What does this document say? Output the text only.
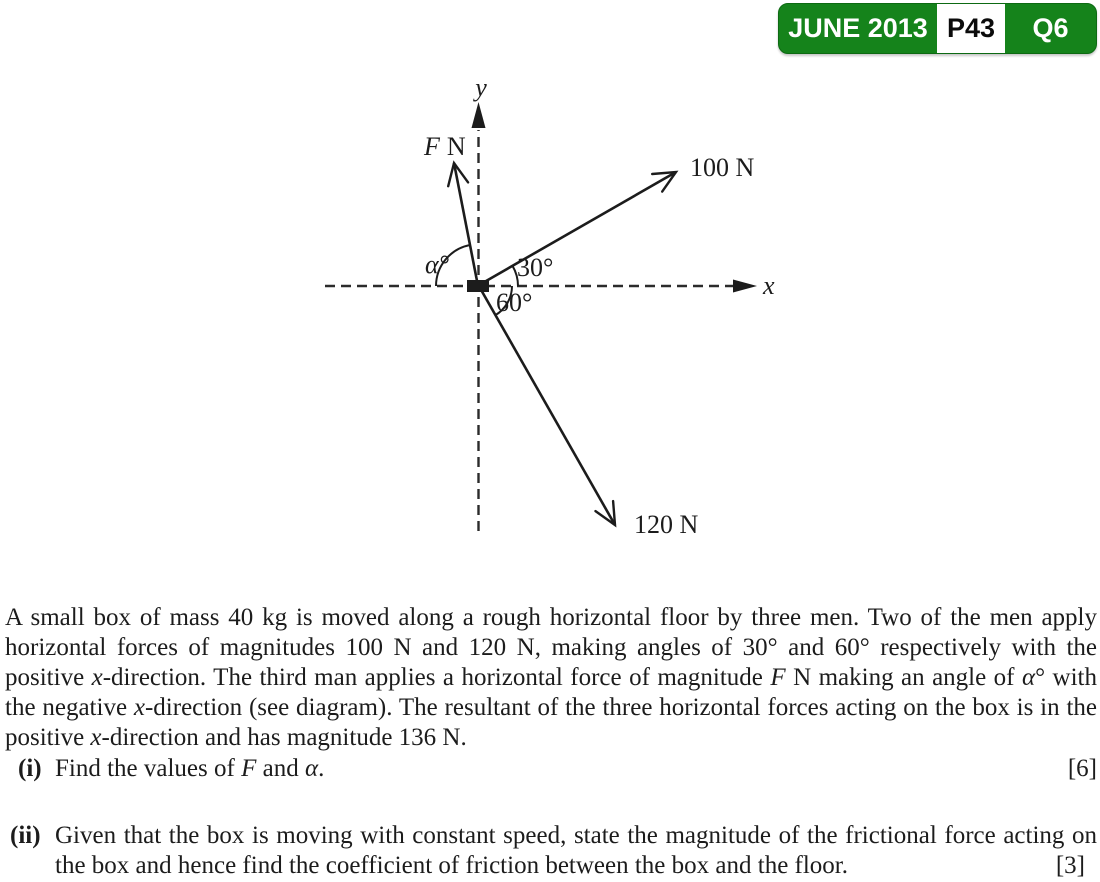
JUNE 2013 P43	Q6
x
y
F N
100 N
120 N
α°	30°
60°

A small box of mass 40 kg is moved along a rough horizontal floor by three men. Two of the men apply horizontal forces of magnitudes 100 N and 120 N, making angles of 30° and 60° respectively with the positive x-direction. The third man applies a horizontal force of magnitude F N making an angle of α° with the negative x-direction (see diagram). The resultant of the three horizontal forces acting on the box is in the positive x-direction and has magnitude 136 N.

(i) Find the values of F and α.	[6]
(ii) Given that the box is moving with constant speed, state the magnitude of the frictional force acting on the box and hence find the coefficient of friction between the box and the floor.	[3]
